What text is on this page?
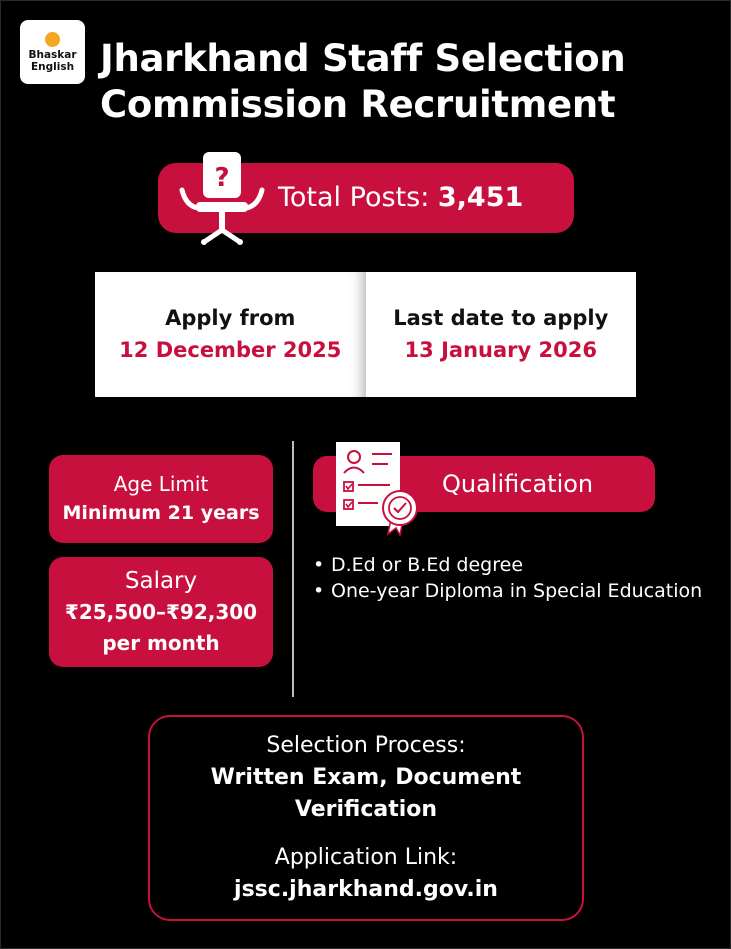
Bhaskar
English Jharkhand Staff Selection Commission Recruitment
?
Total Posts: 3,451
Apply from
12 December 2025
Last date to apply
13 January 2026
Age Limit
Minimum 21 years
Salary
₹25,500–₹92,300
per month
Qualification
• D.Ed or B.Ed degree
• One-year Diploma in Special Education
Selection Process:
Written Exam, Document Verification
Application Link:
jssc.jharkhand.gov.in
